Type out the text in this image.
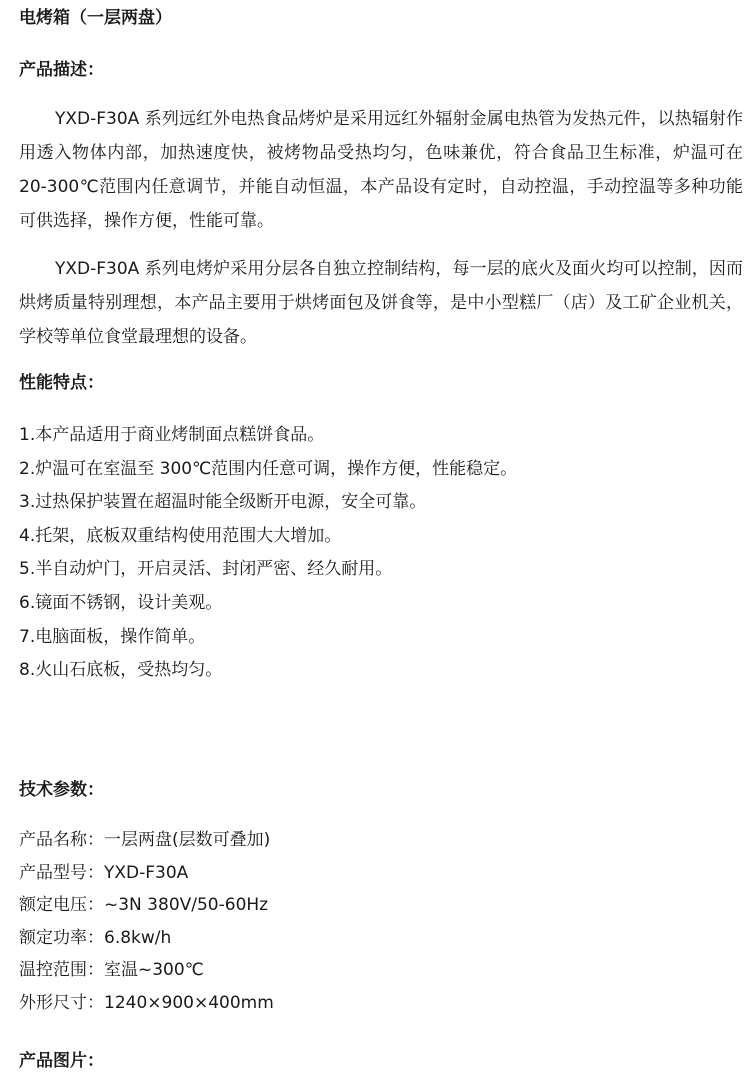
电烤箱（一层两盘）
产品描述：

YXD-F30A 系列远红外电热食品烤炉是采用远红外辐射金属电热管为发热元件，以热辐射作用透入物体内部，加热速度快，被烤物品受热均匀，色味兼优，符合食品卫生标准，炉温可在 20-300℃范围内任意调节，并能自动恒温，本产品设有定时，自动控温，手动控温等多种功能可供选择，操作方便，性能可靠。

YXD-F30A 系列电烤炉采用分层各自独立控制结构，每一层的底火及面火均可以控制，因而烘烤质量特别理想，本产品主要用于烘烤面包及饼食等，是中小型糕厂（店）及工矿企业机关，学校等单位食堂最理想的设备。

性能特点：
1.本产品适用于商业烤制面点糕饼食品。
2.炉温可在室温至 300℃范围内任意可调，操作方便，性能稳定。
3.过热保护装置在超温时能全级断开电源，安全可靠。
4.托架，底板双重结构使用范围大大增加。
5.半自动炉门，开启灵活、封闭严密、经久耐用。
6.镜面不锈钢，设计美观。
7.电脑面板，操作简单。
8.火山石底板，受热均匀。
技术参数：
产品名称：一层两盘(层数可叠加)
产品型号：YXD-F30A
额定电压：~3N 380V/50-60Hz
额定功率：6.8kw/h
温控范围：室温~300℃
外形尺寸：1240×900×400mm
产品图片：
